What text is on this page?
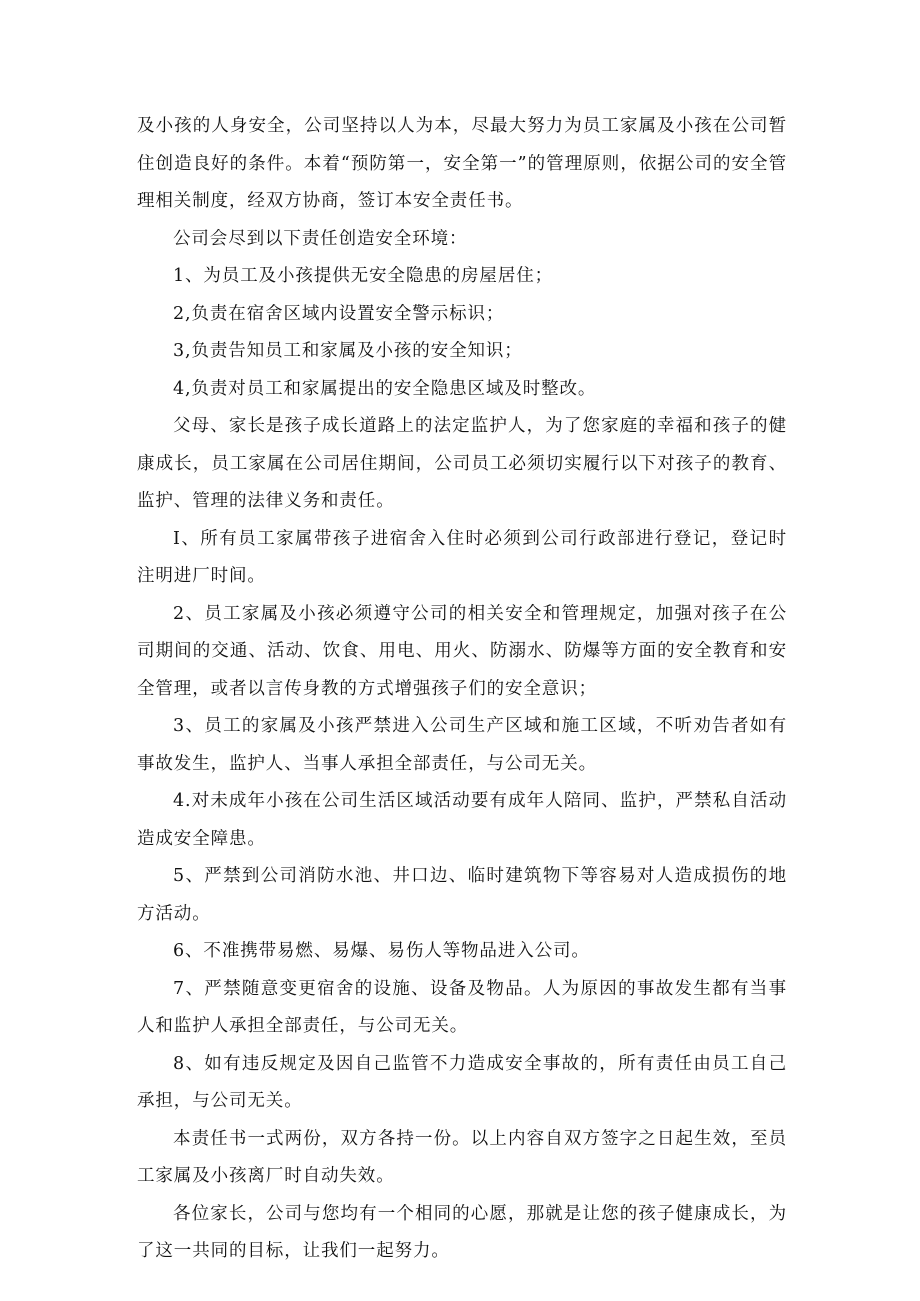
及小孩的人身安全，公司坚持以人为本，尽最大努力为员工家属及小孩在公司暂住创造良好的条件。本着“预防第一，安全第一”的管理原则，依据公司的安全管理相关制度，经双方协商，签订本安全责任书。

公司会尽到以下责任创造安全环境：

1、为员工及小孩提供无安全隐患的房屋居住；

2,负责在宿舍区域内设置安全警示标识；

3,负责告知员工和家属及小孩的安全知识；

4,负责对员工和家属提出的安全隐患区域及时整改。

父母、家长是孩子成长道路上的法定监护人，为了您家庭的幸福和孩子的健康成长，员工家属在公司居住期间，公司员工必须切实履行以下对孩子的教育、监护、管理的法律义务和责任。

I、所有员工家属带孩子进宿舍入住时必须到公司行政部进行登记，登记时注明进厂时间。

2、员工家属及小孩必须遵守公司的相关安全和管理规定，加强对孩子在公司期间的交通、活动、饮食、用电、用火、防溺水、防爆等方面的安全教育和安全管理，或者以言传身教的方式增强孩子们的安全意识；

3、员工的家属及小孩严禁进入公司生产区域和施工区域，不听劝告者如有事故发生，监护人、当事人承担全部责任，与公司无关。

4.对未成年小孩在公司生活区域活动要有成年人陪同、监护，严禁私自活动造成安全障患。

5、严禁到公司消防水池、井口边、临时建筑物下等容易对人造成损伤的地方活动。

6、不准携带易燃、易爆、易伤人等物品进入公司。

7、严禁随意变更宿舍的设施、设备及物品。人为原因的事故发生都有当事人和监护人承担全部责任，与公司无关。

8、如有违反规定及因自己监管不力造成安全事故的，所有责任由员工自己承担，与公司无关。

本责任书一式两份，双方各持一份。以上内容自双方签字之日起生效，至员工家属及小孩离厂时自动失效。

各位家长，公司与您均有一个相同的心愿，那就是让您的孩子健康成长，为了这一共同的目标，让我们一起努力。
